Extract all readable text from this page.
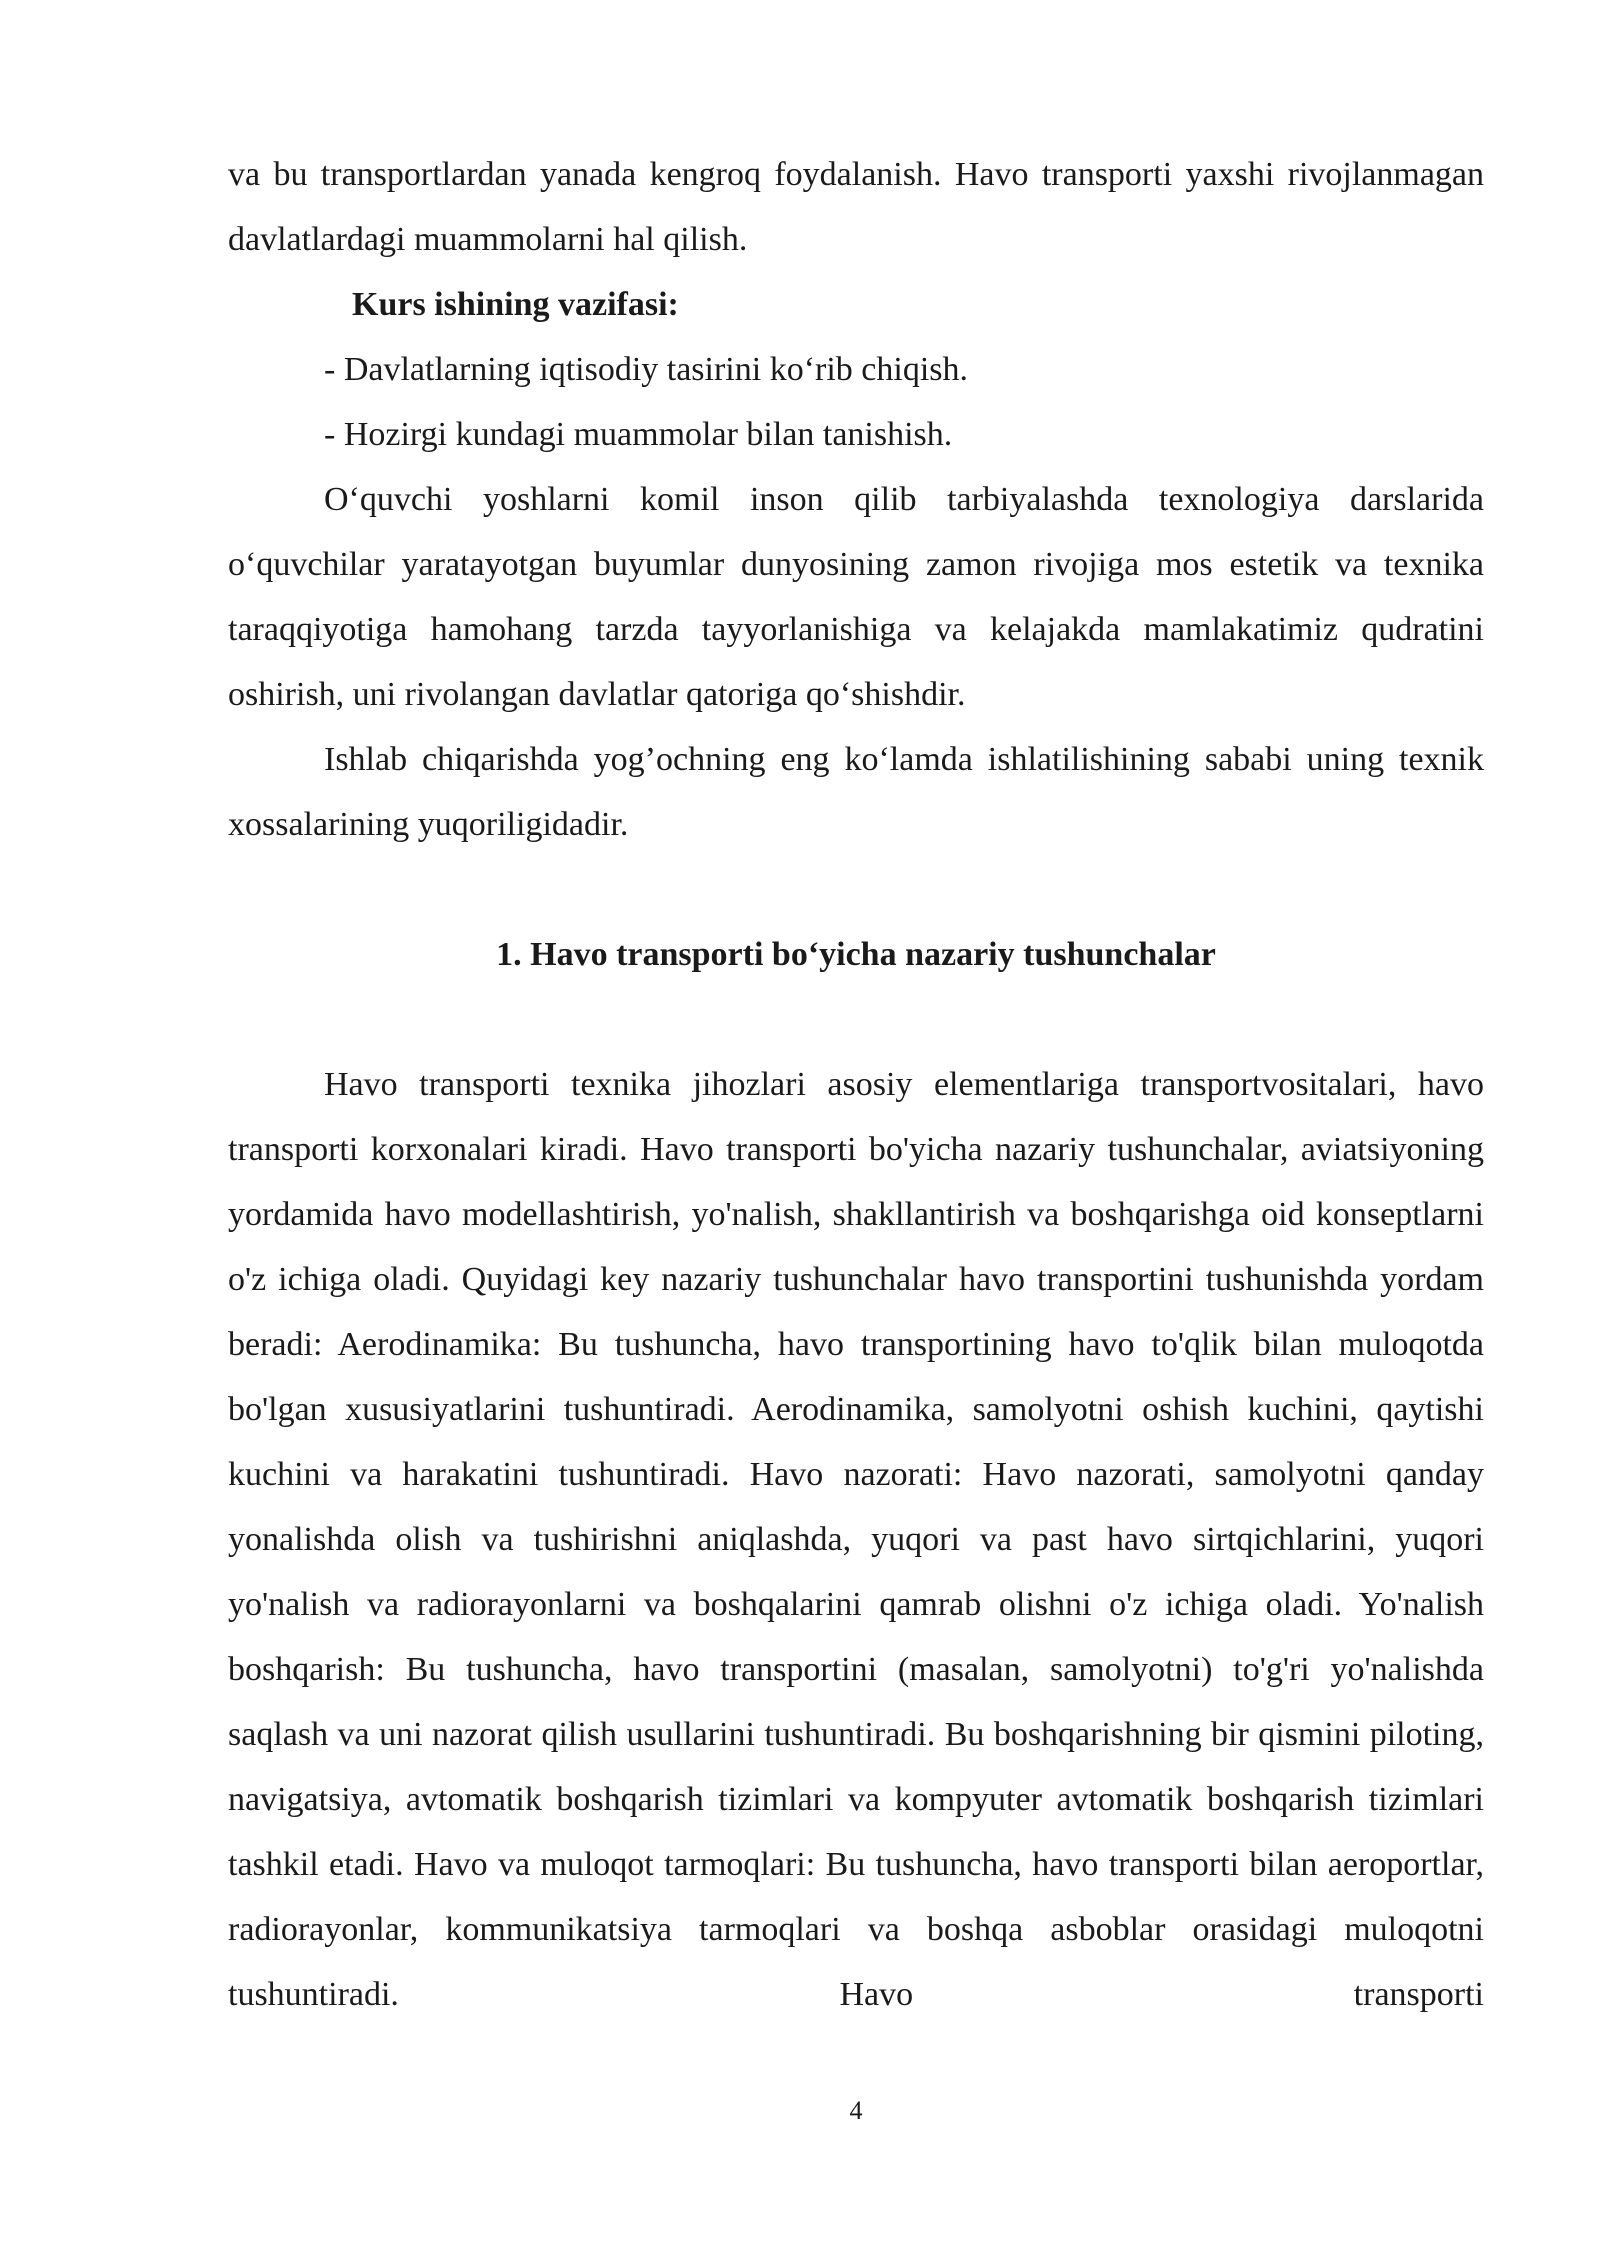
va bu transportlardan yanada kengroq foydalanish. Havo transporti yaxshi rivojlanmagan davlatlardagi muammolarni hal qilish.

Kurs ishining vazifasi:

- Davlatlarning iqtisodiy tasirini ko‘rib chiqish.

- Hozirgi kundagi muammolar bilan tanishish.

O‘quvchi yoshlarni komil inson qilib tarbiyalashda texnologiya darslarida o‘quvchilar yaratayotgan buyumlar dunyosining zamon rivojiga mos estetik va texnika taraqqiyotiga hamohang tarzda tayyorlanishiga va kelajakda mamlakatimiz qudratini oshirish, uni rivolangan davlatlar qatoriga qo‘shishdir.

Ishlab chiqarishda yog’ochning eng ko‘lamda ishlatilishining sababi uning texnik xossalarining yuqoriligidadir.

1. Havo transporti bo‘yicha nazariy tushunchalar

Havo transporti texnika jihozlari asosiy elementlariga transportvositalari, havo transporti korxonalari kiradi. Havo transporti bo'yicha nazariy tushunchalar, aviatsiyoning yordamida havo modellashtirish, yo'nalish, shakllantirish va boshqarishga oid konseptlarni o'z ichiga oladi. Quyidagi key nazariy tushunchalar havo transportini tushunishda yordam beradi: Aerodinamika: Bu tushuncha, havo transportining havo to'qlik bilan muloqotda bo'lgan xususiyatlarini tushuntiradi. Aerodinamika, samolyotni oshish kuchini, qaytishi kuchini va harakatini tushuntiradi. Havo nazorati: Havo nazorati, samolyotni qanday yonalishda olish va tushirishni aniqlashda, yuqori va past havo sirtqichlarini, yuqori yo'nalish va radiorayonlarni va boshqalarini qamrab olishni o'z ichiga oladi. Yo'nalish boshqarish: Bu tushuncha, havo transportini (masalan, samolyotni) to'g'ri yo'nalishda saqlash va uni nazorat qilish usullarini tushuntiradi. Bu boshqarishning bir qismini piloting, navigatsiya, avtomatik boshqarish tizimlari va kompyuter avtomatik boshqarish tizimlari tashkil etadi. Havo va muloqot tarmoqlari: Bu tushuncha, havo transporti bilan aeroportlar, radiorayonlar, kommunikatsiya tarmoqlari va boshqa asboblar orasidagi muloqotni tushuntiradi. Havo transporti

4
